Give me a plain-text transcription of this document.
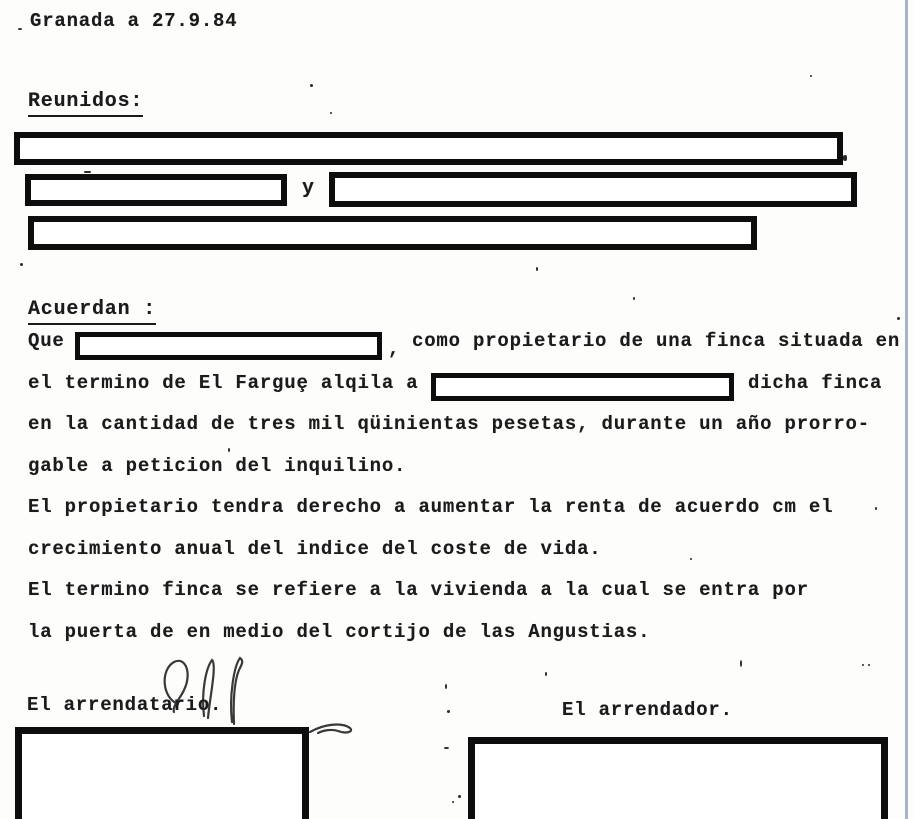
Granada a 27.9.84
Reunidos:
y
Acuerdan :
Que	, como propietario de una finca situada en
el termino de El Farguȩ alqila a	dicha finca
en la cantidad de tres mil qüinientas pesetas, durante un año prorro-
gable a peticion del inquilino.
El propietario tendra derecho a aumentar la renta de acuerdo cm el
crecimiento anual del indice del coste de vida.
El termino finca se refiere a la vivienda a la cual se entra por
la puerta de en medio del cortijo de las Angustias.
El arrendatario.	El arrendador.
